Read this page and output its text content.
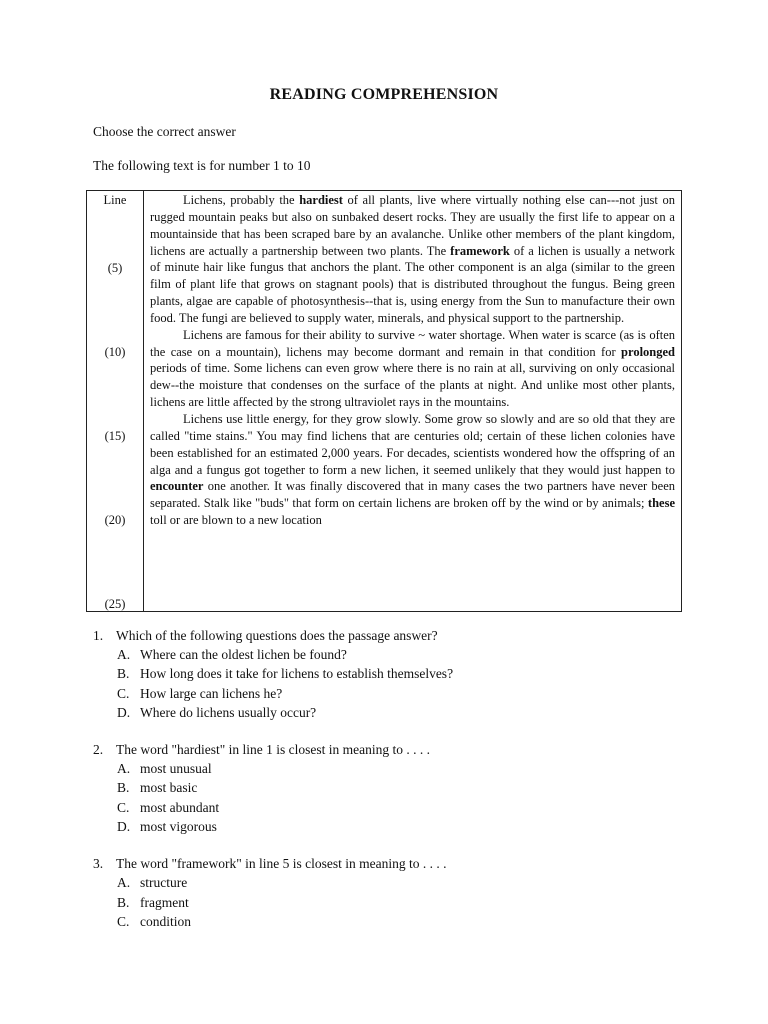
READING COMPREHENSION
Choose the correct answer
The following text is for number 1 to 10
Line
(5)
(10)
(15)
(20)
(25)

Lichens, probably the hardiest of all plants, live where virtually nothing else can---not just on rugged mountain peaks but also on sunbaked desert rocks. They are usually the first life to appear on a mountainside that has been scraped bare by an avalanche. Unlike other members of the plant kingdom, lichens are actually a partnership between two plants. The framework of a lichen is usually a network of minute hair like fungus that anchors the plant. The other component is an alga (similar to the green film of plant life that grows on stagnant pools) that is distributed throughout the fungus. Being green plants, algae are capable of photosynthesis--that is, using energy from the Sun to manufacture their own food. The fungi are believed to supply water, minerals, and physical support to the partnership.

Lichens are famous for their ability to survive ~ water shortage. When water is scarce (as is often the case on a mountain), lichens may become dormant and remain in that condition for prolonged periods of time. Some lichens can even grow where there is no rain at all, surviving on only occasional dew--the moisture that condenses on the surface of the plants at night. And unlike most other plants, lichens are little affected by the strong ultraviolet rays in the mountains.

Lichens use little energy, for they grow slowly. Some grow so slowly and are so old that they are called "time stains." You may find lichens that are centuries old; certain of these lichen colonies have been established for an estimated 2,000 years. For decades, scientists wondered how the offspring of an alga and a fungus got together to form a new lichen, it seemed unlikely that they would just happen to encounter one another. It was finally discovered that in many cases the two partners have never been separated. Stalk like "buds" that form on certain lichens are broken off by the wind or by animals; these toll or are blown to a new location

1. Which of the following questions does the passage answer?
A. Where can the oldest lichen be found?
B. How long does it take for lichens to establish themselves?
C. How large can lichens he?
D. Where do lichens usually occur?
2. The word "hardiest" in line 1 is closest in meaning to . . . .
A. most unusual
B. most basic
C. most abundant
D. most vigorous
3. The word "framework" in line 5 is closest in meaning to . . . .
A. structure
B. fragment
C. condition
